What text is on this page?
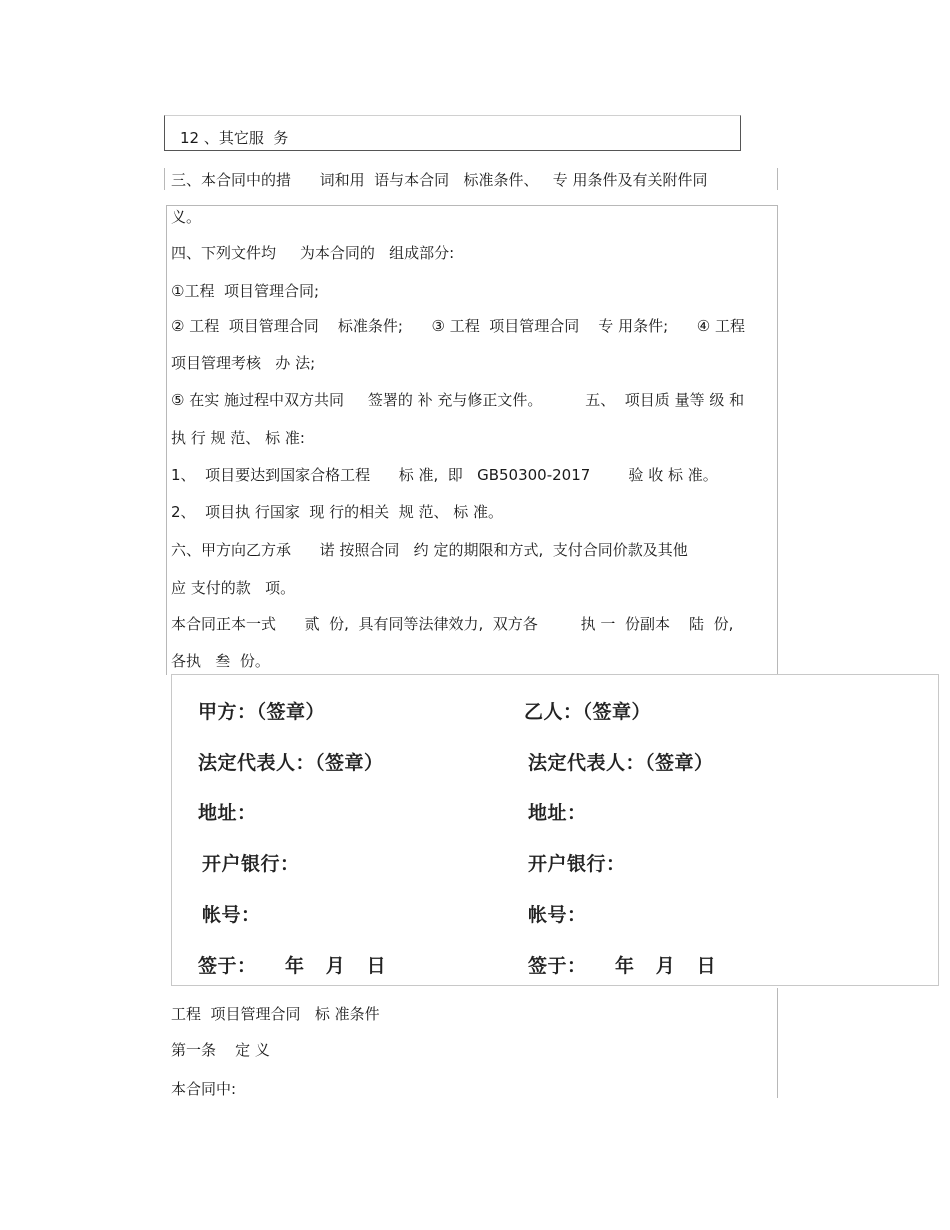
12 、其它服  务
三、本合同中的措      词和用  语与本合同   标准条件、   专 用条件及有关附件同
义。
四、下列文件均     为本合同的   组成部分:
①工程  项目管理合同;
② 工程  项目管理合同    标准条件;      ③ 工程  项目管理合同    专 用条件;      ④ 工程
项目管理考核   办 法;
⑤ 在实 施过程中双方共同     签署的 补 充与修正文件。         五、  项目质 量等 级 和
执 行 规 范、 标 准:
1、  项目要达到国家合格工程      标 准,  即   GB50300-2017        验 收 标 准。
2、  项目执 行国家  现 行的相关  规 范、 标 准。
六、甲方向乙方承      诺 按照合同   约 定的期限和方式,  支付合同价款及其他
应 支付的款   项。
本合同正本一式      贰  份,  具有同等法律效力,  双方各         执 一  份副本    陆  份,
各执   叁  份。
甲方：（签章）	乙人：（签章）
法定代表人：（签章）	法定代表人：（签章）
地址：	地址：
开户银行：	开户银行：
帐号：	帐号：
签于：    年   月   日	签于：    年   月   日
工程  项目管理合同   标 准条件
第一条    定 义
本合同中:
